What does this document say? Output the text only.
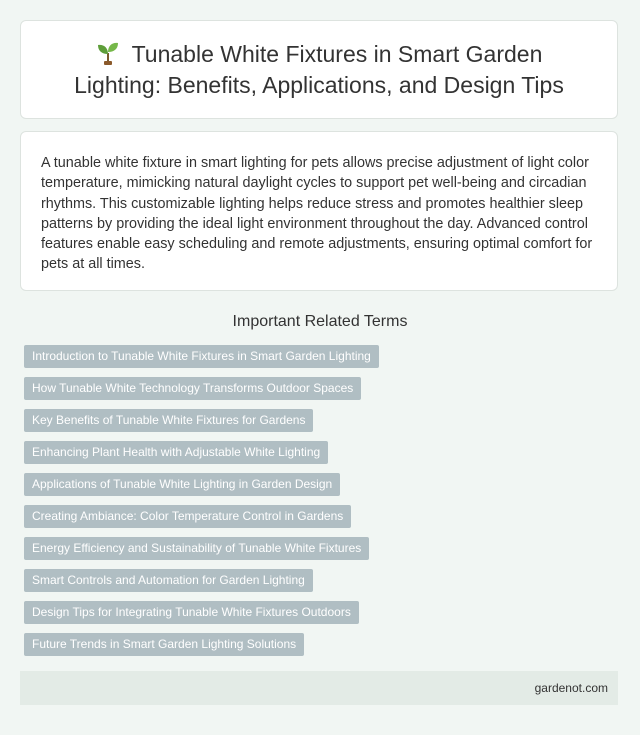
Tunable White Fixtures in Smart Garden Lighting: Benefits, Applications, and Design Tips

A tunable white fixture in smart lighting for pets allows precise adjustment of light color temperature, mimicking natural daylight cycles to support pet well-being and circadian rhythms. This customizable lighting helps reduce stress and promotes healthier sleep patterns by providing the ideal light environment throughout the day. Advanced control features enable easy scheduling and remote adjustments, ensuring optimal comfort for pets at all times.

Important Related Terms
Introduction to Tunable White Fixtures in Smart Garden Lighting
How Tunable White Technology Transforms Outdoor Spaces
Key Benefits of Tunable White Fixtures for Gardens
Enhancing Plant Health with Adjustable White Lighting
Applications of Tunable White Lighting in Garden Design
Creating Ambiance: Color Temperature Control in Gardens
Energy Efficiency and Sustainability of Tunable White Fixtures
Smart Controls and Automation for Garden Lighting
Design Tips for Integrating Tunable White Fixtures Outdoors
Future Trends in Smart Garden Lighting Solutions
gardenot.com
